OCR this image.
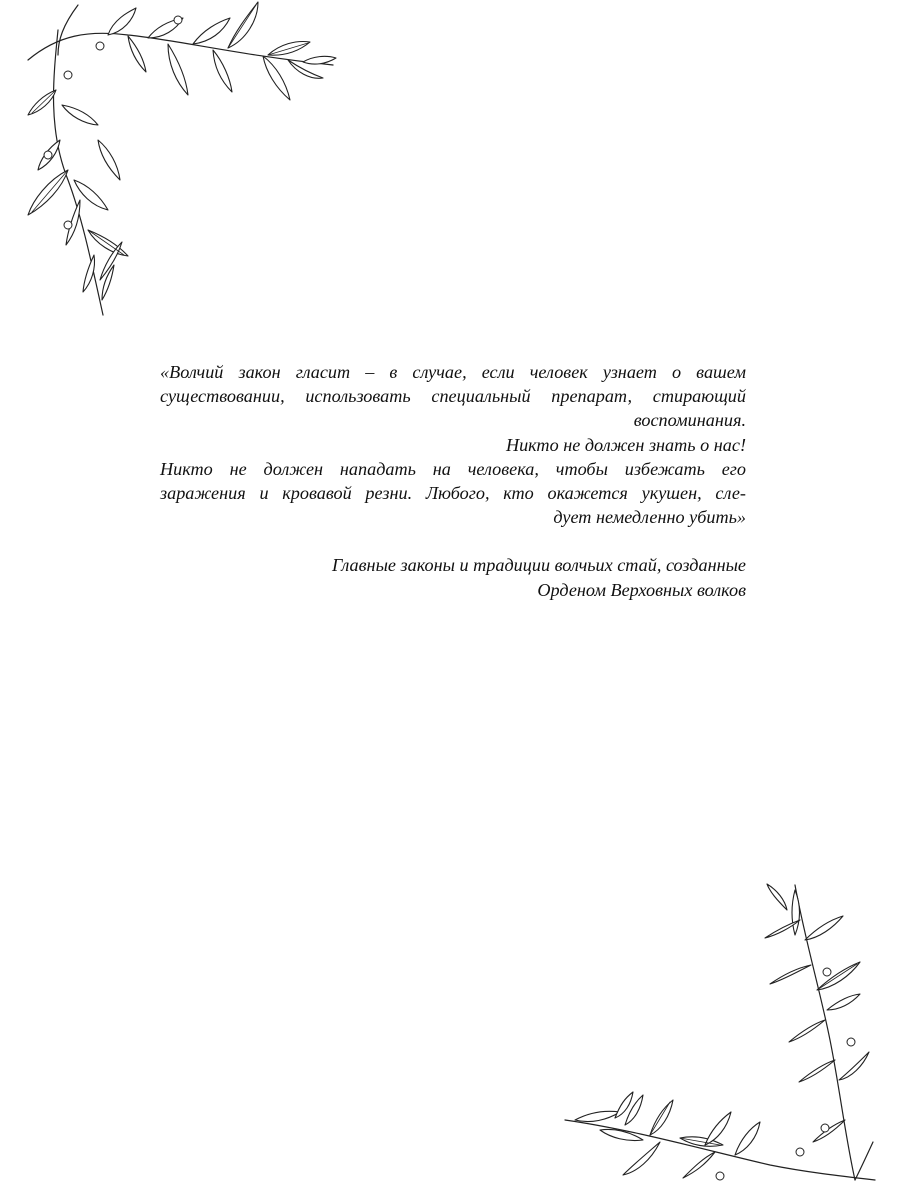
«Волчий закон гласит – в случае, если человек узнает о вашем
существовании, использовать специальный препарат, стирающий
воспоминания.
Никто не должен знать о нас!
Никто не должен нападать на человека, чтобы избежать его
заражения и кровавой резни. Любого, кто окажется укушен, сле-
дует немедленно убить»
Главные законы и традиции волчьих стай, созданные
Орденом Верховных волков
